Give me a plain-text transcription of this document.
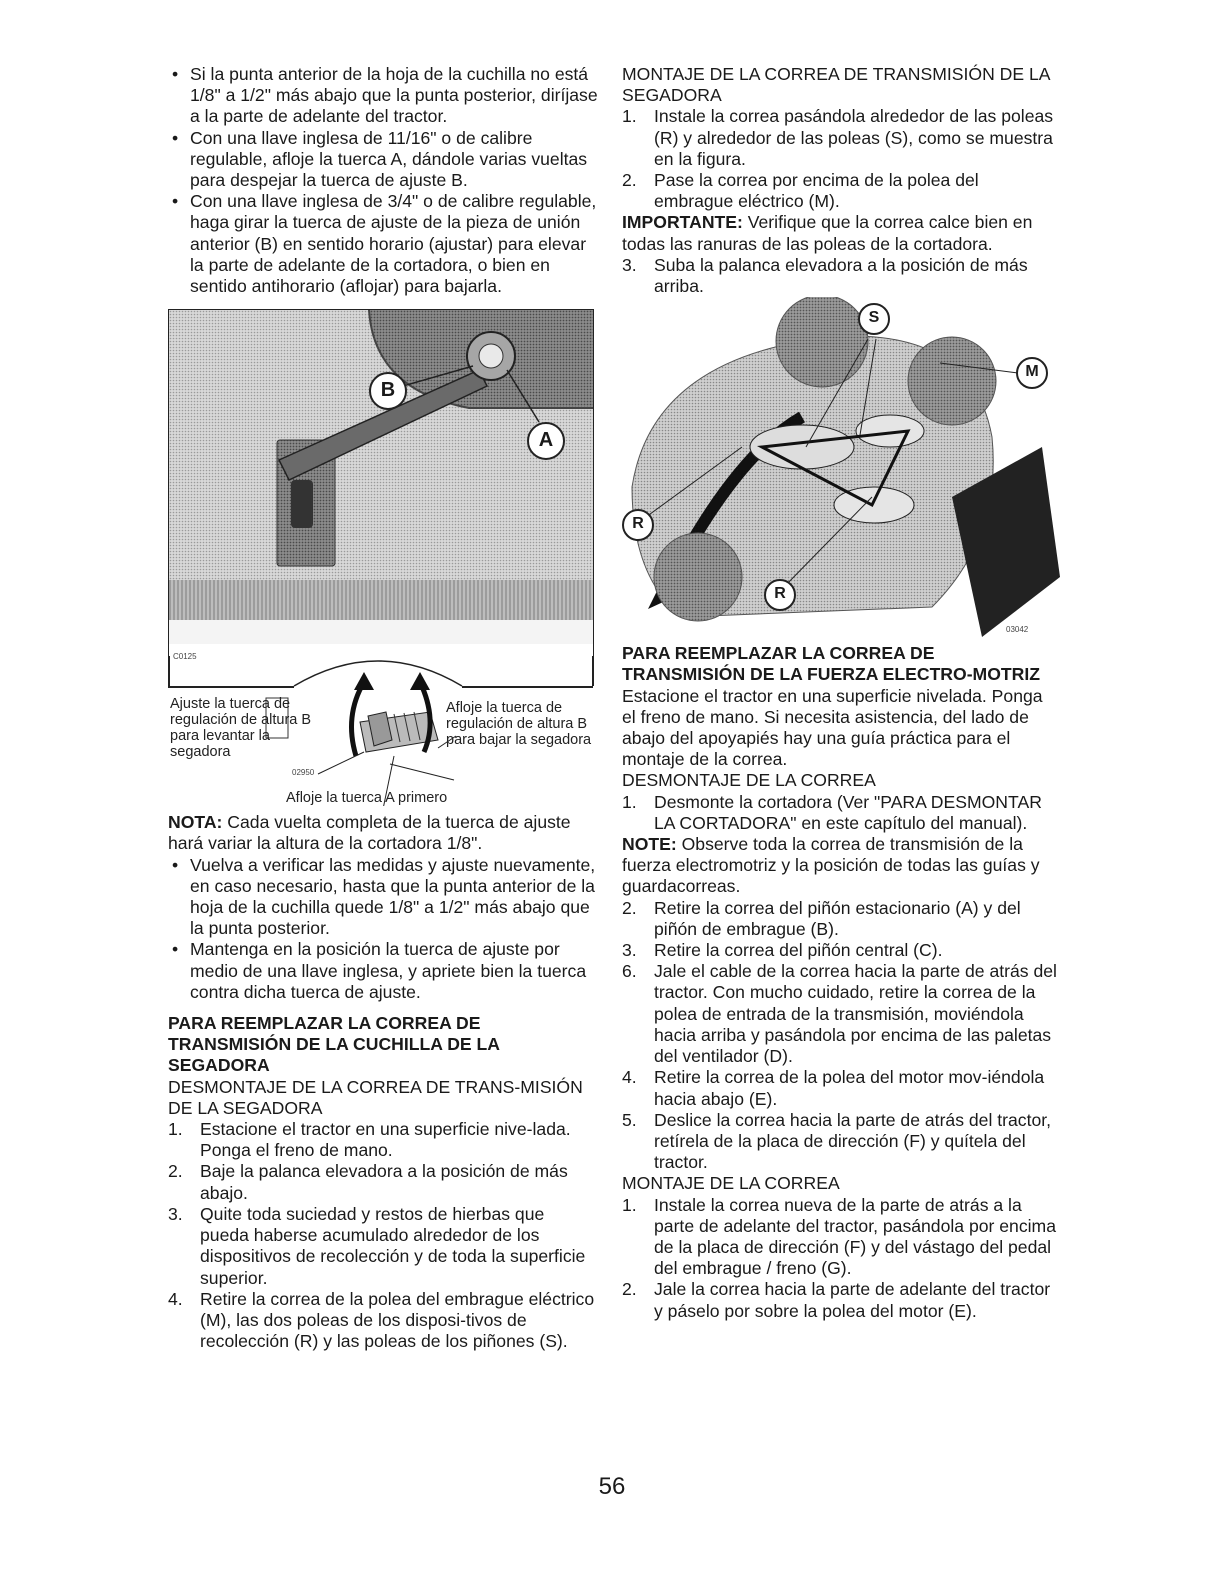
• Si la punta anterior de la hoja de la cuchilla no está 1/8" a 1/2" más abajo que la punta posterior, diríjase a la parte de adelante del tractor.
• Con una llave inglesa de 11/16" o de calibre regulable, afloje la tuerca A, dándole varias vueltas para despejar la tuerca de ajuste B.
• Con una llave inglesa de 3/4" o de calibre regulable, haga girar la tuerca de ajuste de la pieza de unión anterior (B) en sentido horario (ajustar) para elevar la parte de adelante de la cortadora, o bien en sentido antihorario (aflojar) para bajarla.
B
A
C0125
Ajuste la tuerca de regulación de altura B para levantar la segadora
Afloje la tuerca de regulación de altura B para bajar la segadora
02950
Afloje la tuerca A primero

NOTA: Cada vuelta completa de la tuerca de ajuste hará variar la altura de la cortadora 1/8".

• Vuelva a verificar las medidas y ajuste nuevamente, en caso necesario, hasta que la punta anterior de la hoja de la cuchilla quede 1/8" a 1/2" más abajo que la punta posterior.
• Mantenga en la posición la tuerca de ajuste por medio de una llave inglesa, y apriete bien la tuerca contra dicha tuerca de ajuste.
PARA REEMPLAZAR LA CORREA DE TRANSMISIÓN DE LA CUCHILLA DE LA SEGADORA
DESMONTAJE DE LA CORREA DE TRANS-MISIÓN DE LA SEGADORA
1. Estacione el tractor en una superficie nive-lada. Ponga el freno de mano.
2. Baje la palanca elevadora a la posición de más abajo.
3. Quite toda suciedad y restos de hierbas que pueda haberse acumulado alrededor de los dispositivos de recolección y de toda la superficie superior.
4. Retire la correa de la polea del embrague eléctrico (M), las dos poleas de los disposi-tivos de recolección (R) y las poleas de los piñones (S).
MONTAJE DE LA CORREA DE TRANSMISIÓN DE LA SEGADORA
1. Instale la correa pasándola alrededor de las poleas (R) y alrededor de las poleas (S), como se muestra en la figura.
2. Pase la correa por encima de la polea del embrague eléctrico (M).

IMPORTANTE: Verifique que la correa calce bien en todas las ranuras de las poleas de la cortadora.

3. Suba la palanca elevadora a la posición de más arriba.
S
M
R
R
03042
PARA REEMPLAZAR LA CORREA DE TRANSMISIÓN DE LA FUERZA ELECTRO-MOTRIZ

Estacione el tractor en una superficie nivelada. Ponga el freno de mano. Si necesita asistencia, del lado de abajo del apoyapiés hay una guía práctica para el montaje de la correa.

DESMONTAJE DE LA CORREA
1. Desmonte la cortadora (Ver "PARA DESMONTAR LA CORTADORA" en este capítulo del manual).

NOTE: Observe toda la correa de transmisión de la fuerza electromotriz y la posición de todas las guías y guardacorreas.

2. Retire la correa del piñón estacionario (A) y del piñón de embrague (B).
3. Retire la correa del piñón central (C).
6. Jale el cable de la correa hacia la parte de atrás del tractor. Con mucho cuidado, retire la correa de la polea de entrada de la transmisión, moviéndola hacia arriba y pasándola por encima de las paletas del ventilador (D).
4. Retire la correa de la polea del motor mov-iéndola hacia abajo (E).
5. Deslice la correa hacia la parte de atrás del tractor, retírela de la placa de dirección (F) y quítela del tractor.
MONTAJE DE LA CORREA
1. Instale la correa nueva de la parte de atrás a la parte de adelante del tractor, pasándola por encima de la placa de dirección (F) y del vástago del pedal del embrague / freno (G).
2. Jale la correa hacia la parte de adelante del tractor y páselo por sobre la polea del motor (E).
56
